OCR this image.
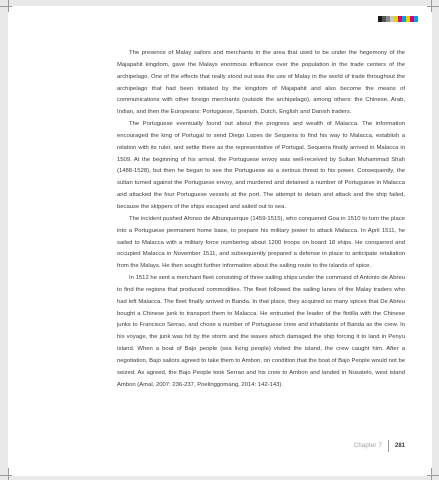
The presence of Malay sailors and merchants in the area that used to be under the hegemony of the Majapahit kingdom, gave the Malays enormous influence over the population in the trade centers of the archipelago. One of the effects that really stood out was the use of Malay in the world of trade throughout the archipelago that had been initiated by the kingdom of Majapahit and also become the means of communications with other foreign merchants (outside the archipelago), among others: the Chinese, Arab, Indian, and then the Europeans: Portuguese, Spanish, Dutch, English and Danish traders.

The Portuguese eventually found out about the progress and wealth of Malacca. The information encouraged the king of Portugal to send Diego Lopes de Sequeira to find his way to Malacca, establish a relation with its ruler, and settle there as the representative of Portugal. Sequeira finally arrived in Malacca in 1509. At the beginning of his arrival, the Portuguese envoy was well-received by Sultan Muhammad Shah (1488-1528), but then he began to see the Portuguese as a serious threat to his power. Consequently, the sultan turned against the Portuguese envoy, and murdered and detained a number of Portuguese in Malacca and attacked the four Portuguese vessels at the port. The attempt to detain and attack and the ship failed, because the skippers of the ships escaped and sailed out to sea.

The incident pushed Afonso de Albunquerque (1459-1515), who conquered Goa in 1510 to turn the place into a Portuguese permanent home base, to prepare his military power to attack Malacca. In April 1511, he sailed to Malacca with a military force numbering about 1200 troops on board 18 ships. He conquered and occupied Malacca in November 1511, and subsequently prepared a defense in place to anticipate retaliation from the Malays. He then sought further information about the sailing route to the islands of spice.

In 1512 he sent a merchant fleet consisting of three sailing ships under the command of Antonio de Abreu to find the regions that produced commodities. The fleet followed the sailing lanes of the Malay traders who had left Malacca. The fleet finally arrived in Banda. In that place, they acquired so many spices that De Abreu bought a Chinese junk to transport them to Malacca. He entrusted the leader of the flotilla with the Chinese junks to Francisco Serrao, and chose a number of Portuguese crew and inhabitants of Banda as the crew. In his voyage, the junk was hit by the storm and the waves which damaged the ship forcing it to land in Penyu Island. When a boat of Bajo people (sea living people) visited the island, the crew caught him. After a negotiation, Bajo sailors agreed to take them to Ambon, on condition that the boat of Bajo People would not be seized. As agreed, the Bajo People took Serrao and his crew to Ambon and landed in Nusatelo, west island Ambon (Amal, 2007: 236-237, Poelinggomang, 2014: 142-143).

Chapter 7 281
